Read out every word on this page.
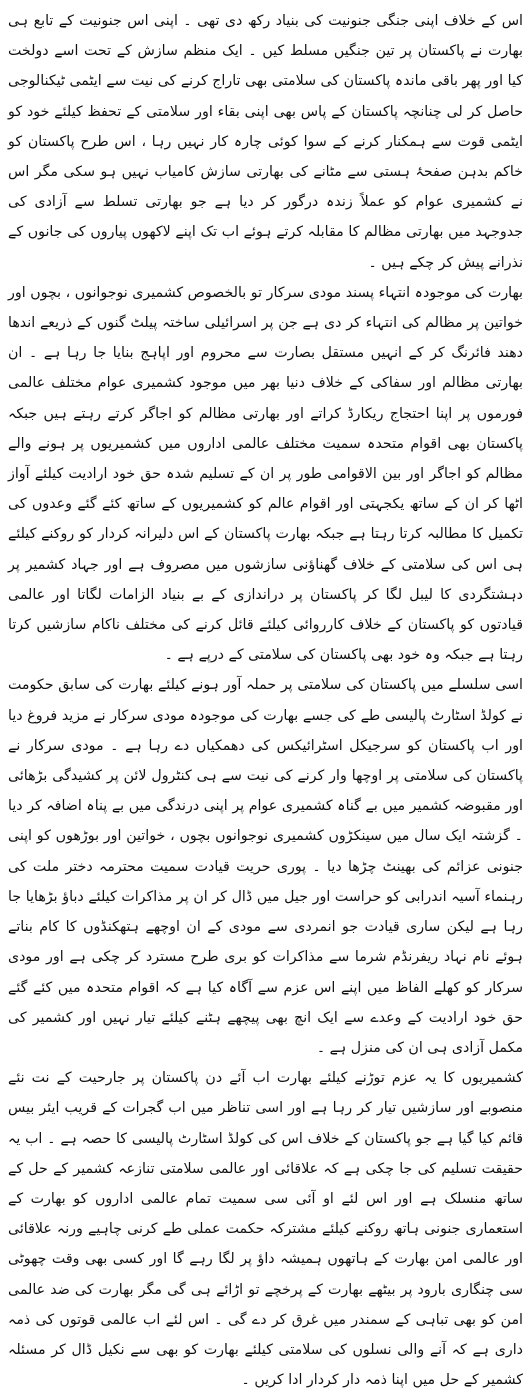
اس کے خلاف اپنی جنگی جنونیت کی بنیاد رکھ دی تھی ۔ اپنی اس جنونیت کے تابع ہی بھارت نے پاکستان پر تین جنگیں مسلط کیں ۔ ایک منظم سازش کے تحت اسے دولخت کیا اور پھر باقی ماندہ پاکستان کی سلامتی بھی تاراج کرنے کی نیت سے ایٹمی ٹیکنالوجی حاصل کر لی چنانچہ پاکستان کے پاس بھی اپنی بقاء اور سلامتی کے تحفظ کیلئے خود کو ایٹمی قوت سے ہمکنار کرنے کے سوا کوئی چارہ کار نہیں رہا ، اس طرح پاکستان کو خاکم بدہن صفحۂ ہستی سے مٹانے کی بھارتی سازش کامیاب نہیں ہو سکی مگر اس نے کشمیری عوام کو عملاً زندہ درگور کر دیا ہے جو بھارتی تسلط سے آزادی کی جدوجہد میں بھارتی مظالم کا مقابلہ کرتے ہوئے اب تک اپنے لاکھوں پیاروں کی جانوں کے نذرانے پیش کر چکے ہیں ۔

بھارت کی موجودہ انتہاء پسند مودی سرکار تو بالخصوص کشمیری نوجوانوں ، بچوں اور خواتین پر مظالم کی انتہاء کر دی ہے جن پر اسرائیلی ساختہ پیلٹ گنوں کے ذریعے اندھا دھند فائرنگ کر کے انہیں مستقل بصارت سے محروم اور اپاہج بنایا جا رہا ہے ۔ ان بھارتی مظالم اور سفاکی کے خلاف دنیا بھر میں موجود کشمیری عوام مختلف عالمی فورموں پر اپنا احتجاج ریکارڈ کراتے اور بھارتی مظالم کو اجاگر کرتے رہتے ہیں جبکہ پاکستان بھی اقوام متحدہ سمیت مختلف عالمی اداروں میں کشمیریوں پر ہونے والے مظالم کو اجاگر اور بین الاقوامی طور پر ان کے تسلیم شدہ حق خود ارادیت کیلئے آواز اٹھا کر ان کے ساتھ یکجہتی اور اقوام عالم کو کشمیریوں کے ساتھ کئے گئے وعدوں کی تکمیل کا مطالبہ کرتا رہتا ہے جبکہ بھارت پاکستان کے اس دلیرانہ کردار کو روکنے کیلئے ہی اس کی سلامتی کے خلاف گھناؤنی سازشوں میں مصروف ہے اور جہاد کشمیر پر دہشتگردی کا لیبل لگا کر پاکستان پر دراندازی کے بے بنیاد الزامات لگاتا اور عالمی قیادتوں کو پاکستان کے خلاف کارروائی کیلئے قائل کرنے کی مختلف ناکام سازشیں کرتا رہتا ہے جبکہ وہ خود بھی پاکستان کی سلامتی کے درپے ہے ۔

اسی سلسلے میں پاکستان کی سلامتی پر حملہ آور ہونے کیلئے بھارت کی سابق حکومت نے کولڈ اسٹارٹ پالیسی طے کی جسے بھارت کی موجودہ مودی سرکار نے مزید فروغ دیا اور اب پاکستان کو سرجیکل اسٹرائیکس کی دھمکیاں دے رہا ہے ۔ مودی سرکار نے پاکستان کی سلامتی پر اوچھا وار کرنے کی نیت سے ہی کنٹرول لائن پر کشیدگی بڑھائی اور مقبوضہ کشمیر میں بے گناہ کشمیری عوام پر اپنی درندگی میں بے پناہ اضافہ کر دیا ۔ گزشتہ ایک سال میں سینکڑوں کشمیری نوجوانوں بچوں ، خواتین اور بوڑھوں کو اپنی جنونی عزائم کی بھینٹ چڑھا دیا ۔ پوری حریت قیادت سمیت محترمہ دختر ملت کی رہنماء آسیہ اندرابی کو حراست اور جیل میں ڈال کر ان پر مذاکرات کیلئے دباؤ بڑھایا جا رہا ہے لیکن ساری قیادت جو انمردی سے مودی کے ان اوچھے ہتھکنڈوں کا کام بناتے ہوئے نام نہاد ریفرنڈم شرما سے مذاکرات کو بری طرح مسترد کر چکی ہے اور مودی سرکار کو کھلے الفاظ میں اپنے اس عزم سے آگاہ کیا ہے کہ اقوام متحدہ میں کئے گئے حق خود ارادیت کے وعدے سے ایک انچ بھی پیچھے ہٹنے کیلئے تیار نہیں اور کشمیر کی مکمل آزادی ہی ان کی منزل ہے ۔

کشمیریوں کا یہ عزم توڑنے کیلئے بھارت اب آئے دن پاکستان پر جارحیت کے نت نئے منصوبے اور سازشیں تیار کر رہا ہے اور اسی تناظر میں اب گجرات کے قریب ایئر بیس قائم کیا گیا ہے جو پاکستان کے خلاف اس کی کولڈ اسٹارٹ پالیسی کا حصہ ہے ۔ اب یہ حقیقت تسلیم کی جا چکی ہے کہ علاقائی اور عالمی سلامتی تنازعہ کشمیر کے حل کے ساتھ منسلک ہے اور اس لئے او آئی سی سمیت تمام عالمی اداروں کو بھارت کے استعماری جنونی ہاتھ روکنے کیلئے مشترکہ حکمت عملی طے کرنی چاہیے ورنہ علاقائی اور عالمی امن بھارت کے ہاتھوں ہمیشہ داؤ پر لگا رہے گا اور کسی بھی وقت چھوٹی سی چنگاری بارود پر بیٹھے بھارت کے پرخچے تو اڑائے ہی گی مگر بھارت کی ضد عالمی امن کو بھی تباہی کے سمندر میں غرق کر دے گی ۔ اس لئے اب عالمی قوتوں کی ذمہ داری ہے کہ آنے والی نسلوں کی سلامتی کیلئے بھارت کو بھی سے نکیل ڈال کر مسئلہ کشمیر کے حل میں اپنا ذمہ دار کردار ادا کریں ۔
